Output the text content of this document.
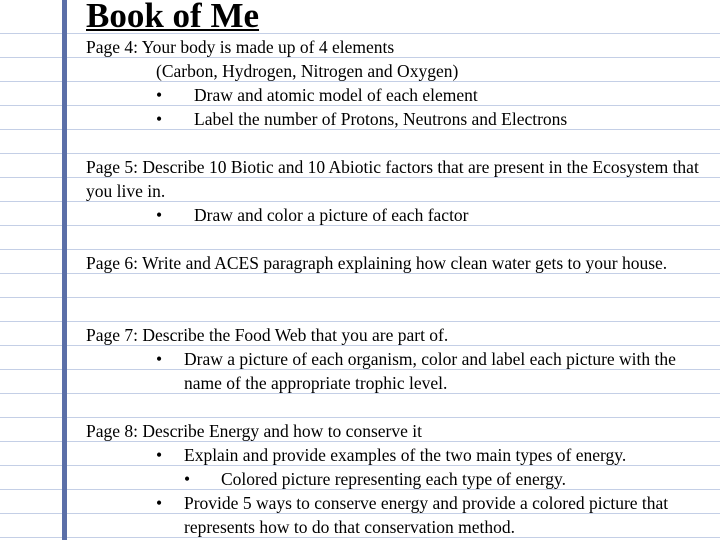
Book of Me
Page 4: Your body is made up of 4 elements
(Carbon, Hydrogen, Nitrogen and Oxygen)
•	Draw and atomic model of each element
•	Label the number of Protons, Neutrons and Electrons
Page 5: Describe 10 Biotic and 10 Abiotic factors that are present in the Ecosystem that you live in.
•	Draw and color a picture of each factor
Page 6: Write and ACES paragraph explaining how clean water gets to your house.
Page 7: Describe the Food Web that you are part of.
•	Draw a picture of each organism, color and label each picture with the name of the appropriate trophic level.
Page 8: Describe Energy and how to conserve it
•	Explain and provide examples of the two main types of energy.
•	Colored picture representing each type of energy.
•	Provide 5 ways to conserve energy and provide a colored picture that represents how to do that conservation method.
